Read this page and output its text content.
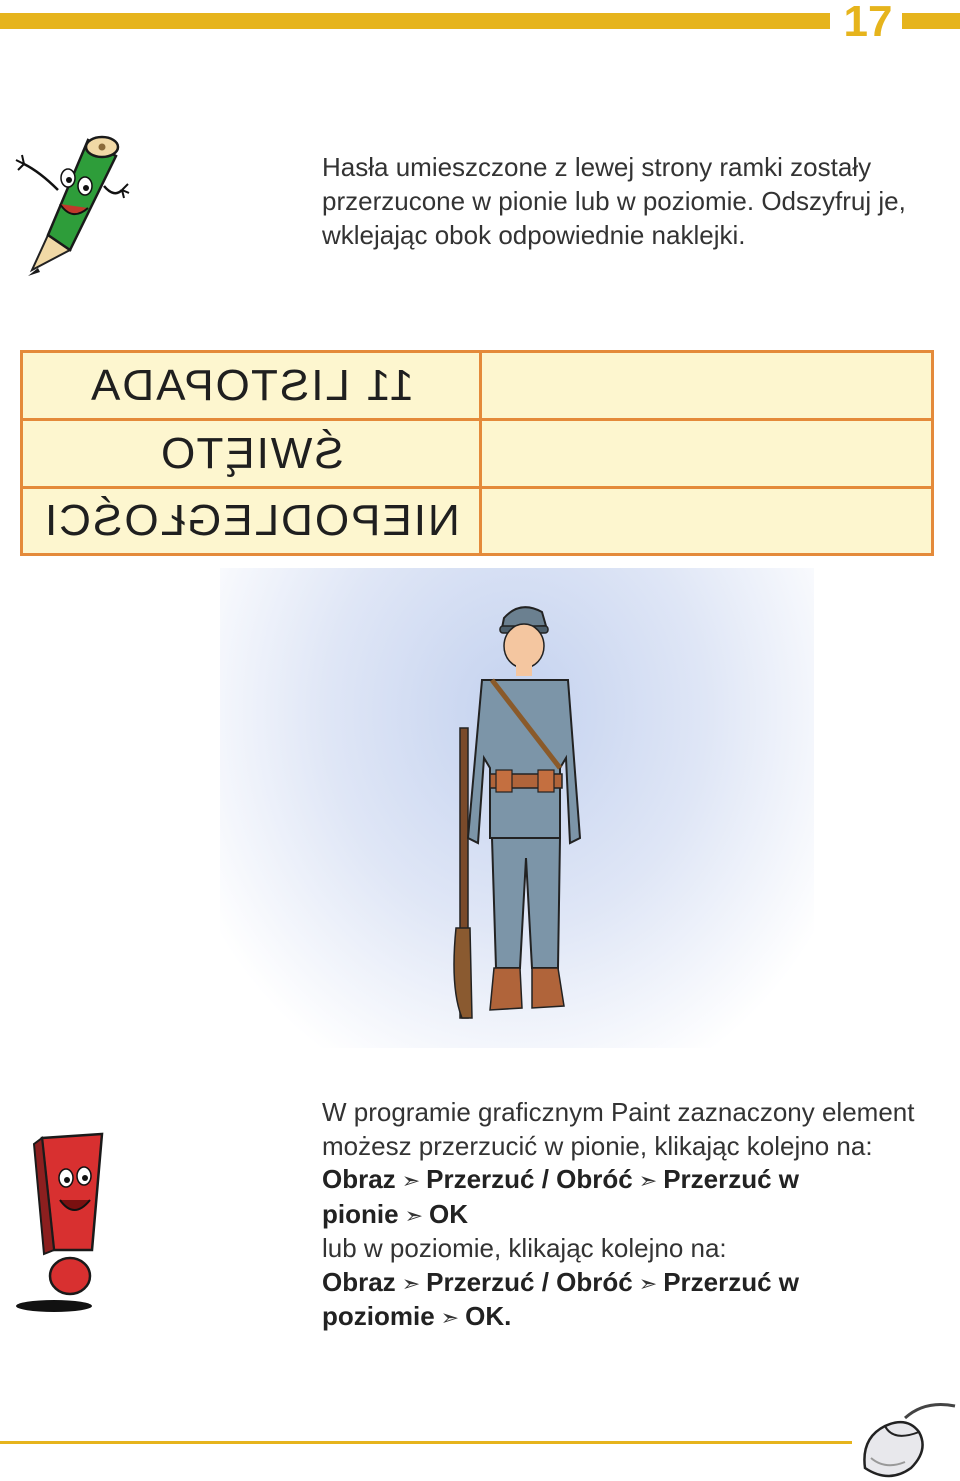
17
Hasła umieszczone z lewej strony ramki zostały przerzucone w pionie lub w poziomie. Odszyfruj je, wklejając obok odpowiednie naklejki.
11 LISTOPADA
ŚWIĘTO
NIEPODLEGŁOŚCI
W programie graficznym Paint zaznaczony element możesz przerzucić w pionie, klikając kolejno na:
Obraz ➣ Przerzuć / Obróć ➣ Przerzuć w pionie ➣ OK
lub w poziomie, klikając kolejno na:
Obraz ➣ Przerzuć / Obróć ➣ Przerzuć w poziomie ➣ OK.
